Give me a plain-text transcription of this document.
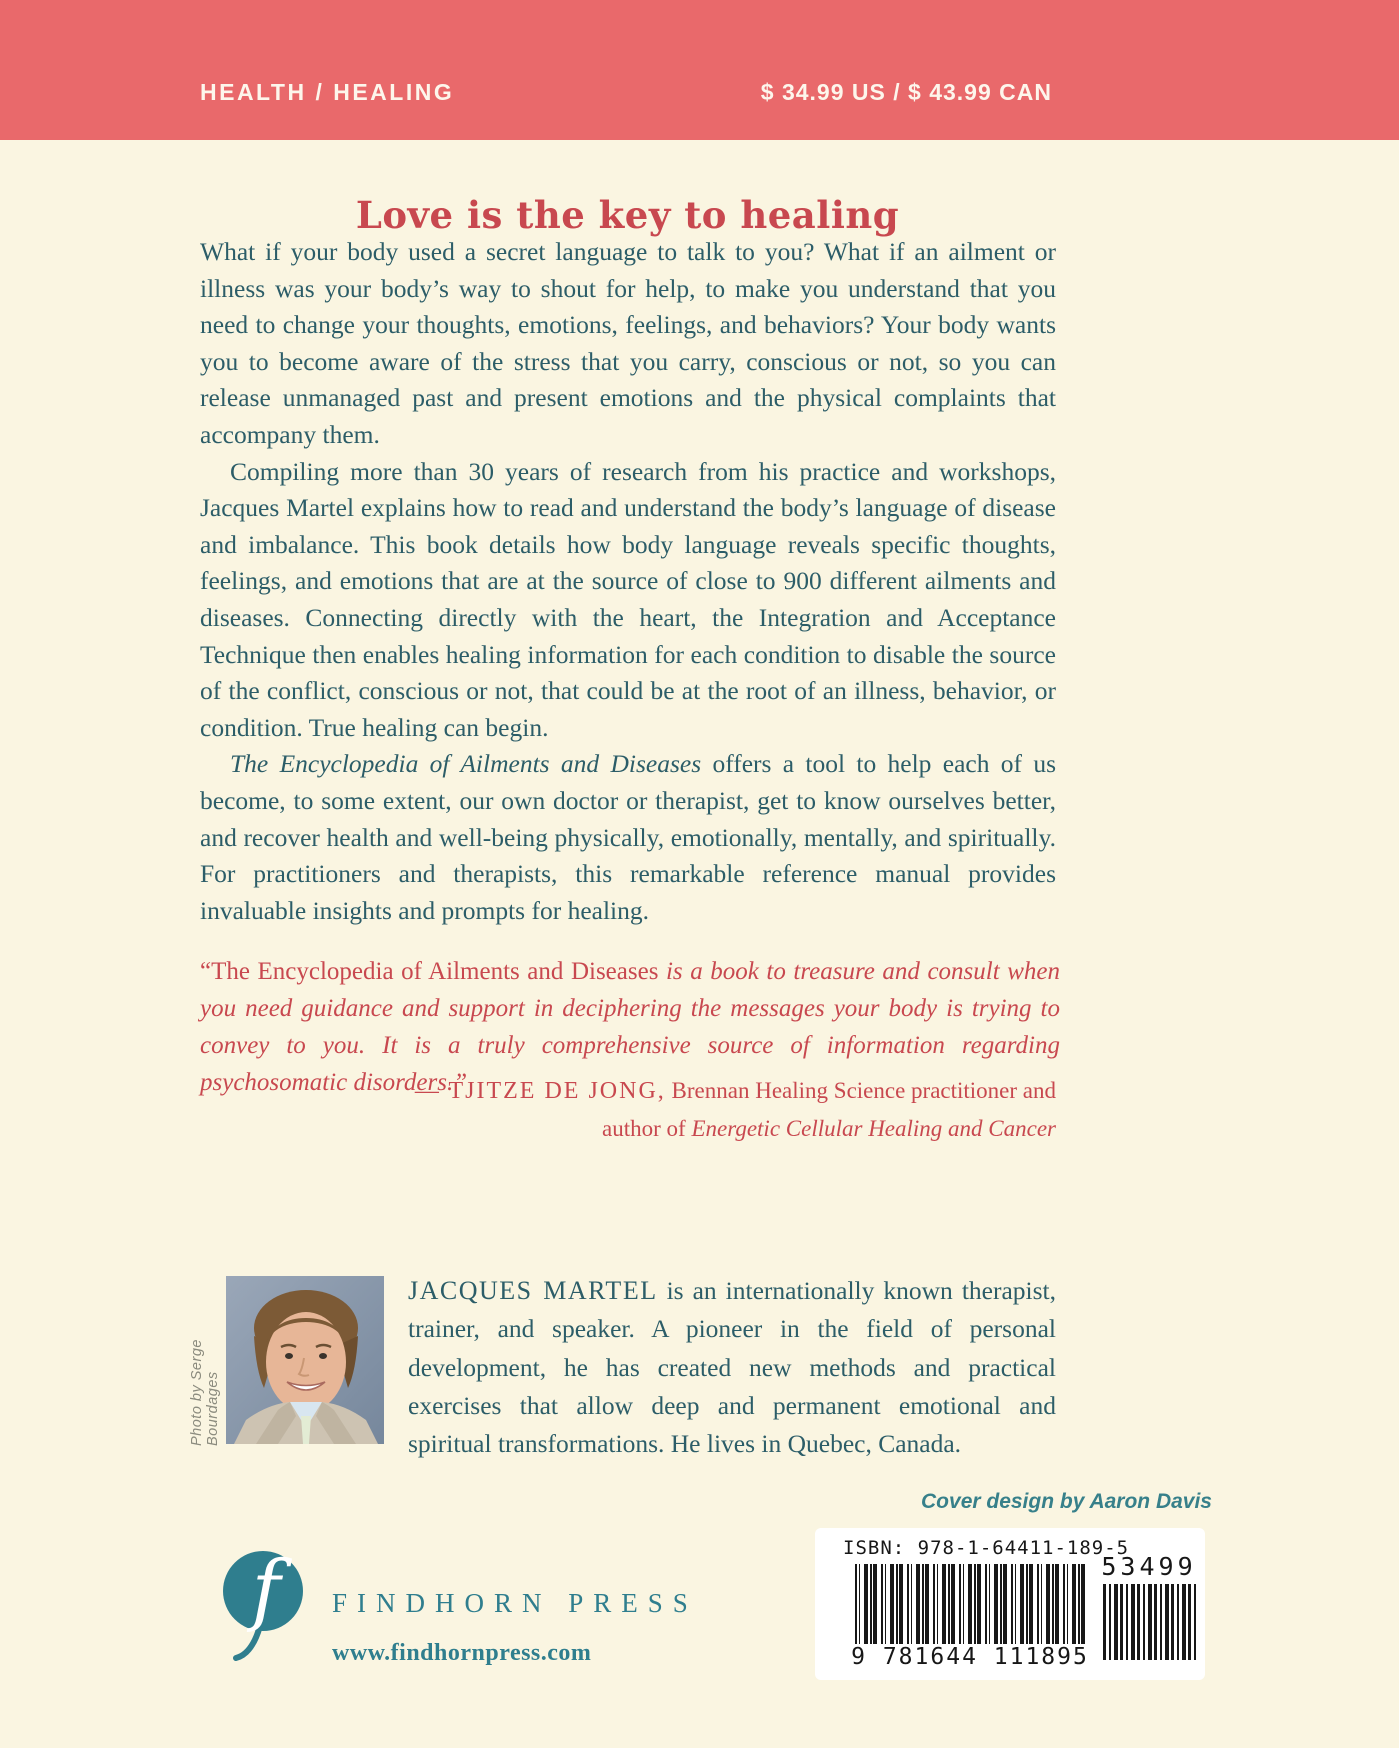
HEALTH / HEALING	$ 34.99 US / $ 43.99 CAN
Love is the key to healing

What if your body used a secret language to talk to you? What if an ailment or illness was your body’s way to shout for help, to make you understand that you need to change your thoughts, emotions, feelings, and behaviors? Your body wants you to become aware of the stress that you carry, conscious or not, so you can release unmanaged past and present emotions and the physical complaints that accompany them.

Compiling more than 30 years of research from his practice and workshops, Jacques Martel explains how to read and understand the body’s language of disease and imbalance. This book details how body language reveals specific thoughts, feelings, and emotions that are at the source of close to 900 different ailments and diseases. Connecting directly with the heart, the Integration and Acceptance Technique then enables healing information for each condition to disable the source of the conflict, conscious or not, that could be at the root of an illness, behavior, or condition. True healing can begin.

The Encyclopedia of Ailments and Diseases offers a tool to help each of us become, to some extent, our own doctor or therapist, get to know ourselves better, and recover health and well-being physically, emotionally, mentally, and spiritually. For practitioners and therapists, this remarkable reference manual provides invaluable insights and prompts for healing.

“The Encyclopedia of Ailments and Diseases is a book to treasure and consult when you need guidance and support in deciphering the messages your body is trying to convey to you. It is a truly comprehensive source of information regarding psychosomatic disorders.”

— TJITZE DE JONG, Brennan Healing Science practitioner and
author of Energetic Cellular Healing and Cancer
Photo by Serge Bourdages

JACQUES MARTEL is an internationally known therapist, trainer, and speaker. A pioneer in the field of personal development, he has created new methods and practical exercises that allow deep and permanent emotional and spiritual transformations. He lives in Quebec, Canada.

Cover design by Aaron Davis
ISBN: 978-1-64411-189-5
9 781644 111895
53499
f	FINDHORN PRESS
www.findhornpress.com
